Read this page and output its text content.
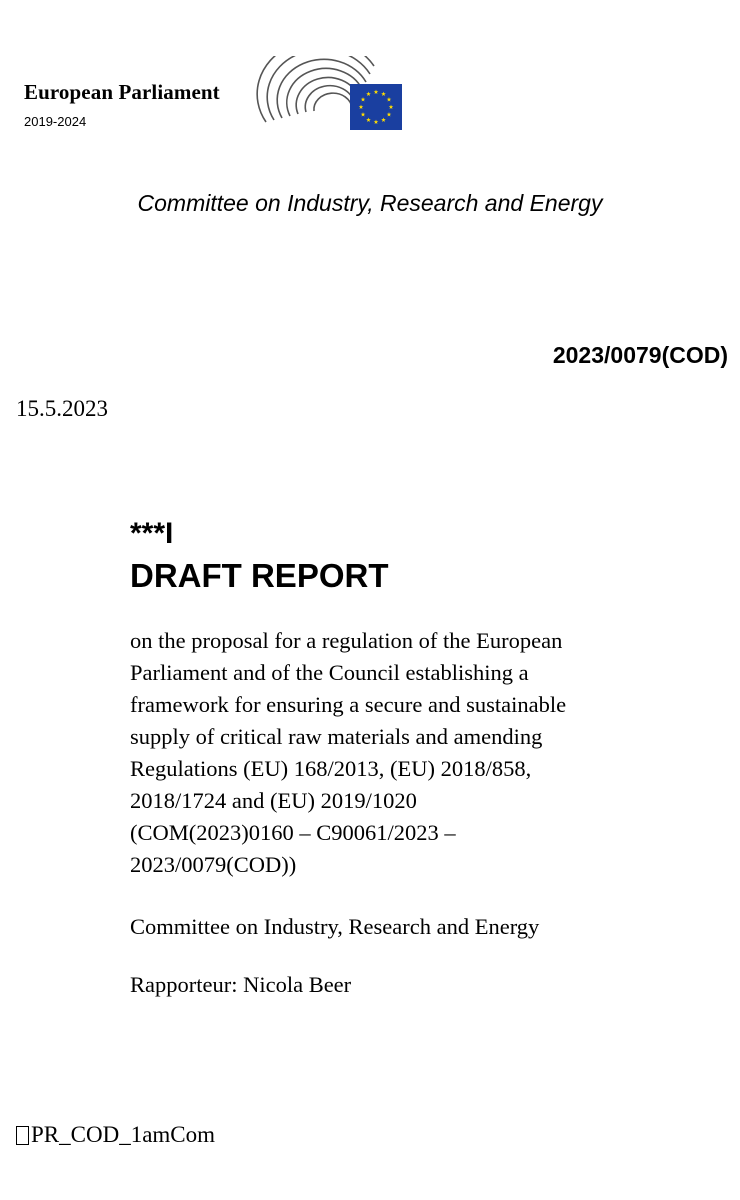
European Parliament
2019-2024
Committee on Industry, Research and Energy
2023/0079(COD)
15.5.2023
***I
DRAFT REPORT
on the proposal for a regulation of the European
Parliament and of the Council establishing a
framework for ensuring a secure and sustainable
supply of critical raw materials and amending
Regulations (EU) 168/2013, (EU) 2018/858,
2018/1724 and (EU) 2019/1020
(COM(2023)0160 – C90061/2023 –
2023/0079(COD))
Committee on Industry, Research and Energy
Rapporteur: Nicola Beer
PR_COD_1amCom
